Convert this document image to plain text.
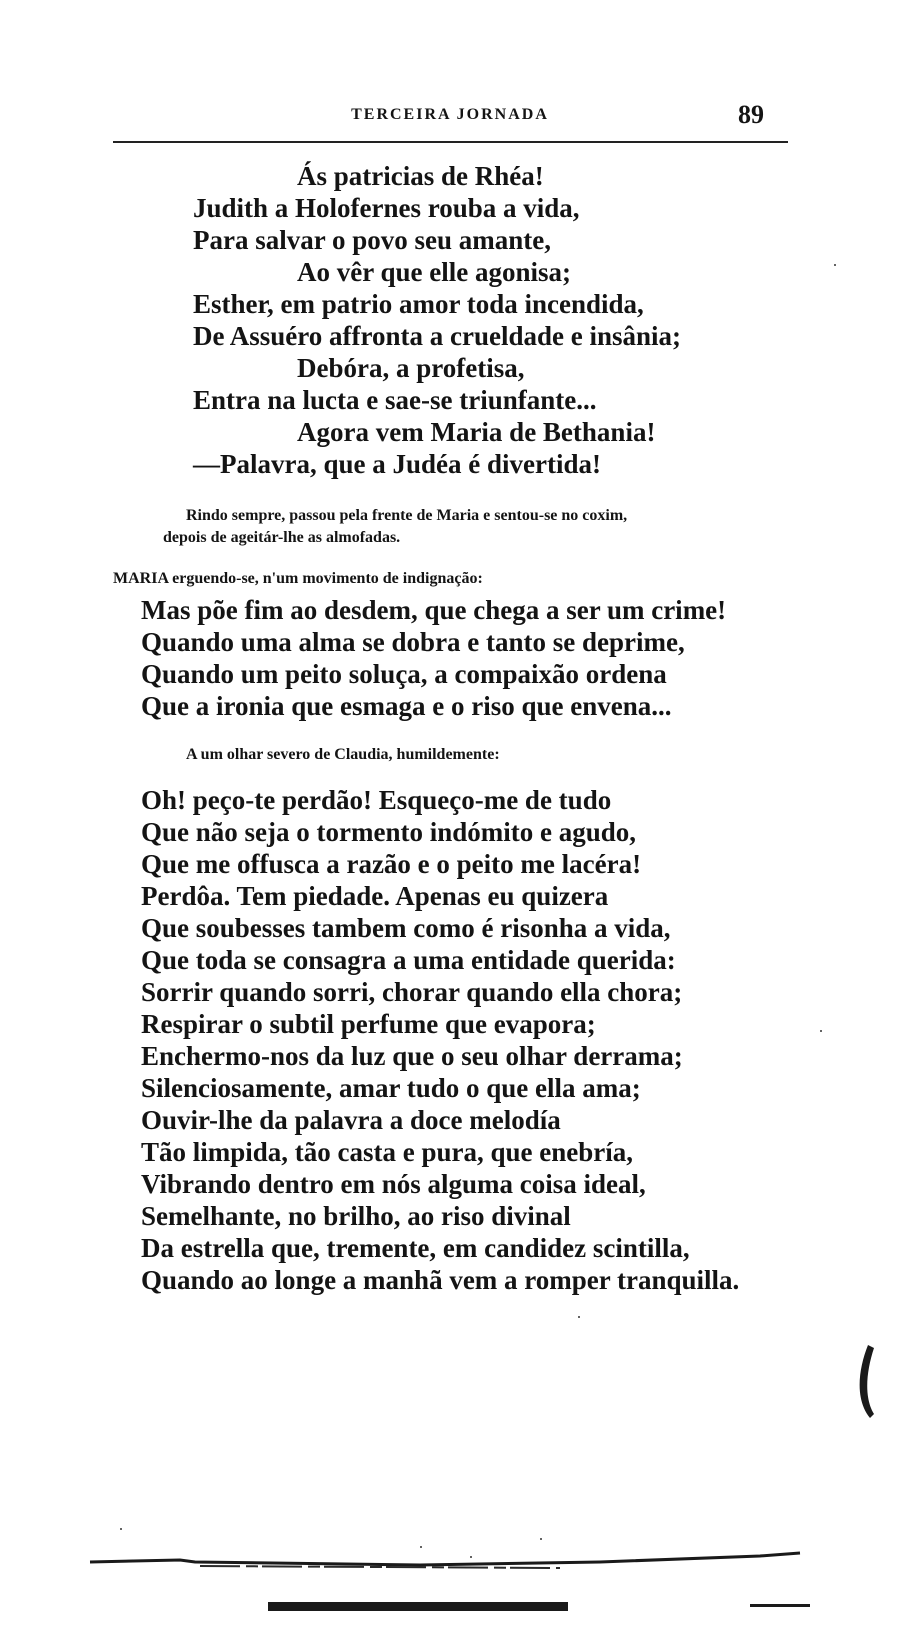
TERCEIRA JORNADA	89
Ás patricias de Rhéa!
Judith a Holofernes rouba a vida,
Para salvar o povo seu amante,
Ao vêr que elle agonisa;
Esther, em patrio amor toda incendida,
De Assuéro affronta a crueldade e insânia;
Debóra, a profetisa,
Entra na lucta e sae-se triunfante...
Agora vem Maria de Bethania!
—Palavra, que a Judéa é divertida!
Rindo sempre, passou pela frente de Maria e sentou-se no coxim,
depois de ageitár-lhe as almofadas.
MARIA erguendo-se, n'um movimento de indignação:
Mas põe fim ao desdem, que chega a ser um crime!
Quando uma alma se dobra e tanto se deprime,
Quando um peito soluça, a compaixão ordena
Que a ironia que esmaga e o riso que envena...
A um olhar severo de Claudia, humildemente:
Oh! peço-te perdão! Esqueço-me de tudo
Que não seja o tormento indómito e agudo,
Que me offusca a razão e o peito me lacéra!
Perdôa. Tem piedade. Apenas eu quizera
Que soubesses tambem como é risonha a vida,
Que toda se consagra a uma entidade querida:
Sorrir quando sorri, chorar quando ella chora;
Respirar o subtil perfume que evapora;
Enchermo-nos da luz que o seu olhar derrama;
Silenciosamente, amar tudo o que ella ama;
Ouvir-lhe da palavra a doce melodía
Tão limpida, tão casta e pura, que enebría,
Vibrando dentro em nós alguma coisa ideal,
Semelhante, no brilho, ao riso divinal
Da estrella que, tremente, em candidez scintilla,
Quando ao longe a manhã vem a romper tranquilla.
